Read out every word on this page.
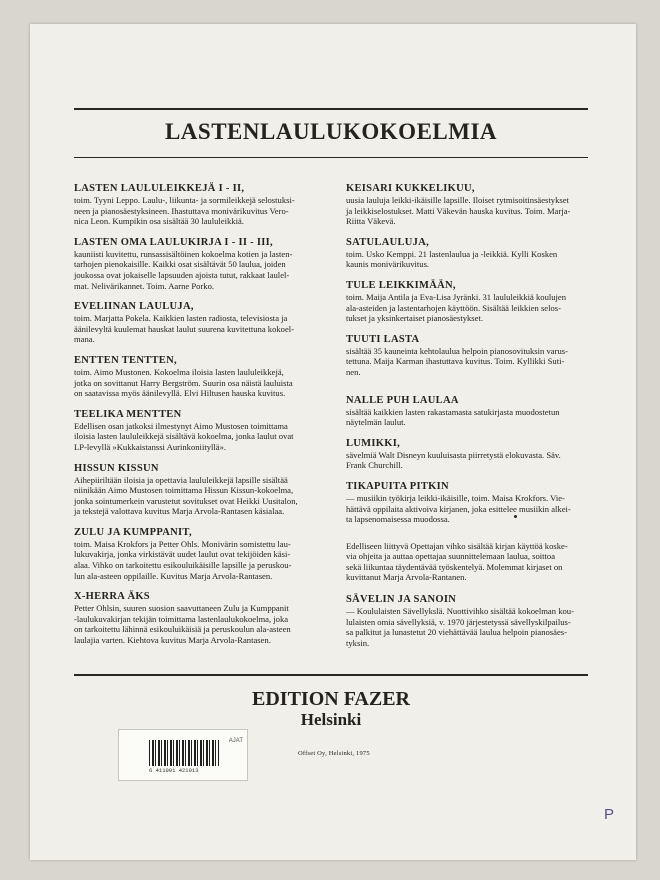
LASTENLAULUKOKOELMIA
LASTEN LAULULEIKKEJÄ I - II,

toim. Tyyni Leppo. Laulu-, liikunta- ja sormileikkejä selostuksi-

neen ja pianosäestyksineen. Ihastuttava monivärikuvitus Vero-

nica Leon. Kumpikin osa sisältää 30 laululeikkiä.

LASTEN OMA LAULUKIRJA I - II - III,

kauniisti kuvitettu, runsassisältöinen kokoelma kotien ja lasten-

tarhojen pienokaisille. Kaikki osat sisältävät 50 laulua, joiden

joukossa ovat jokaiselle lapsuuden ajoista tutut, rakkaat laulel-

mat. Nelivärikannet. Toim. Aarne Porko.

EVELIINAN LAULUJA,

toim. Marjatta Pokela. Kaikkien lasten radiosta, televisiosta ja

äänilevyltä kuulemat hauskat laulut suurena kuvitettuna kokoel-

mana.

ENTTEN TENTTEN,

toim. Aimo Mustonen. Kokoelma iloisia lasten laululeikkejä,

jotka on sovittanut Harry Bergström. Suurin osa näistä lauluista

on saatavissa myös äänilevyllä. Elvi Hiltusen hauska kuvitus.

TEELIKA MENTTEN

Edellisen osan jatkoksi ilmestynyt Aimo Mustosen toimittama

iloisia lasten laululeikkejä sisältävä kokoelma, jonka laulut ovat

LP-levyllä »Kukkaistanssi Aurinkoniityllä».

HISSUN KISSUN

Aihepiiriltään iloisia ja opettavia laululeikkejä lapsille sisältää

niinikään Aimo Mustosen toimittama Hissun Kissun-kokoelma,

jonka sointumerkein varustetut sovitukset ovat Heikki Uusitalon,

ja tekstejä valottava kuvitus Marja Arvola-Rantasen käsialaa.

ZULU JA KUMPPANIT,

toim. Maisa Krokfors ja Petter Ohls. Monivärin somistettu lau-

lukuvakirja, jonka virkistävät uudet laulut ovat tekijöiden käsi-

alaa. Vihko on tarkoitettu esikouluikäisille lapsille ja peruskou-

lun ala-asteen oppilaille. Kuvitus Marja Arvola-Rantasen.

X-HERRA ÄKS

Petter Ohlsin, suuren suosion saavuttaneen Zulu ja Kumppanit

-laulukuvakirjan tekijän toimittama lastenlaulukokoelma, joka

on tarkoitettu lähinnä esikouluikäisiä ja peruskoulun ala-asteen

laulajia varten. Kiehtova kuvitus Marja Arvola-Rantasen.

KEISARI KUKKELIKUU,

uusia lauluja leikki-ikäisille lapsille. Iloiset rytmisoitinsäestykset

ja leikkiselostukset. Matti Väkevän hauska kuvitus. Toim. Marja-

Riitta Väkevä.

SATULAULUJA,

toim. Usko Kemppi. 21 lastenlaulua ja -leikkiä. Kylli Kosken

kaunis monivärikuvitus.

TULE LEIKKIMÄÄN,

toim. Maija Antila ja Eva-Lisa Jyränki. 31 laululeikkiä koulujen

ala-asteiden ja lastentarhojen käyttöön. Sisältää leikkien selos-

tukset ja yksinkertaiset pianosäestykset.

TUUTI LASTA

sisältää 35 kauneinta kehtolaulua helpoin pianosovituksin varus-

tettuna. Maija Karman ihastuttava kuvitus. Toim. Kyllikki Suti-

nen.

NALLE PUH LAULAA

sisältää kaikkien lasten rakastamasta satukirjasta muodostetun

näytelmän laulut.

LUMIKKI,

sävelmiä Walt Disneyn kuuluisasta piirretystä elokuvasta. Säv.

Frank Churchill.

TIKAPUITA PITKIN

— musiikin työkirja leikki-ikäisille, toim. Maisa Krokfors. Vie-

hättävä oppilaita aktivoiva kirjanen, joka esittelee musiikin alkei-

ta lapsenomaisessa muodossa.

Edelliseen liittyvä Opettajan vihko sisältää kirjan käyttöä koske-
via ohjeita ja auttaa opettajaa suunnittelemaan laulua, soittoa
sekä liikuntaa täydentävää työskentelyä. Molemmat kirjaset on
kuvittanut Marja Arvola-Rantanen.
SÄVELIN JA SANOIN

— Koululaisten Sävellykslä. Nuottivihko sisältää kokoelman kou-

lulaisten omia sävellyksiä, v. 1970 järjestetyssä sävellyskilpailus-

sa palkitut ja lunastetut 20 viehättävää laulua helpoin pianosäes-

tyksin.

EDITION FAZER
Helsinki
Offset Oy, Helsinki, 1975
AJAT
6 411001 421013
P
